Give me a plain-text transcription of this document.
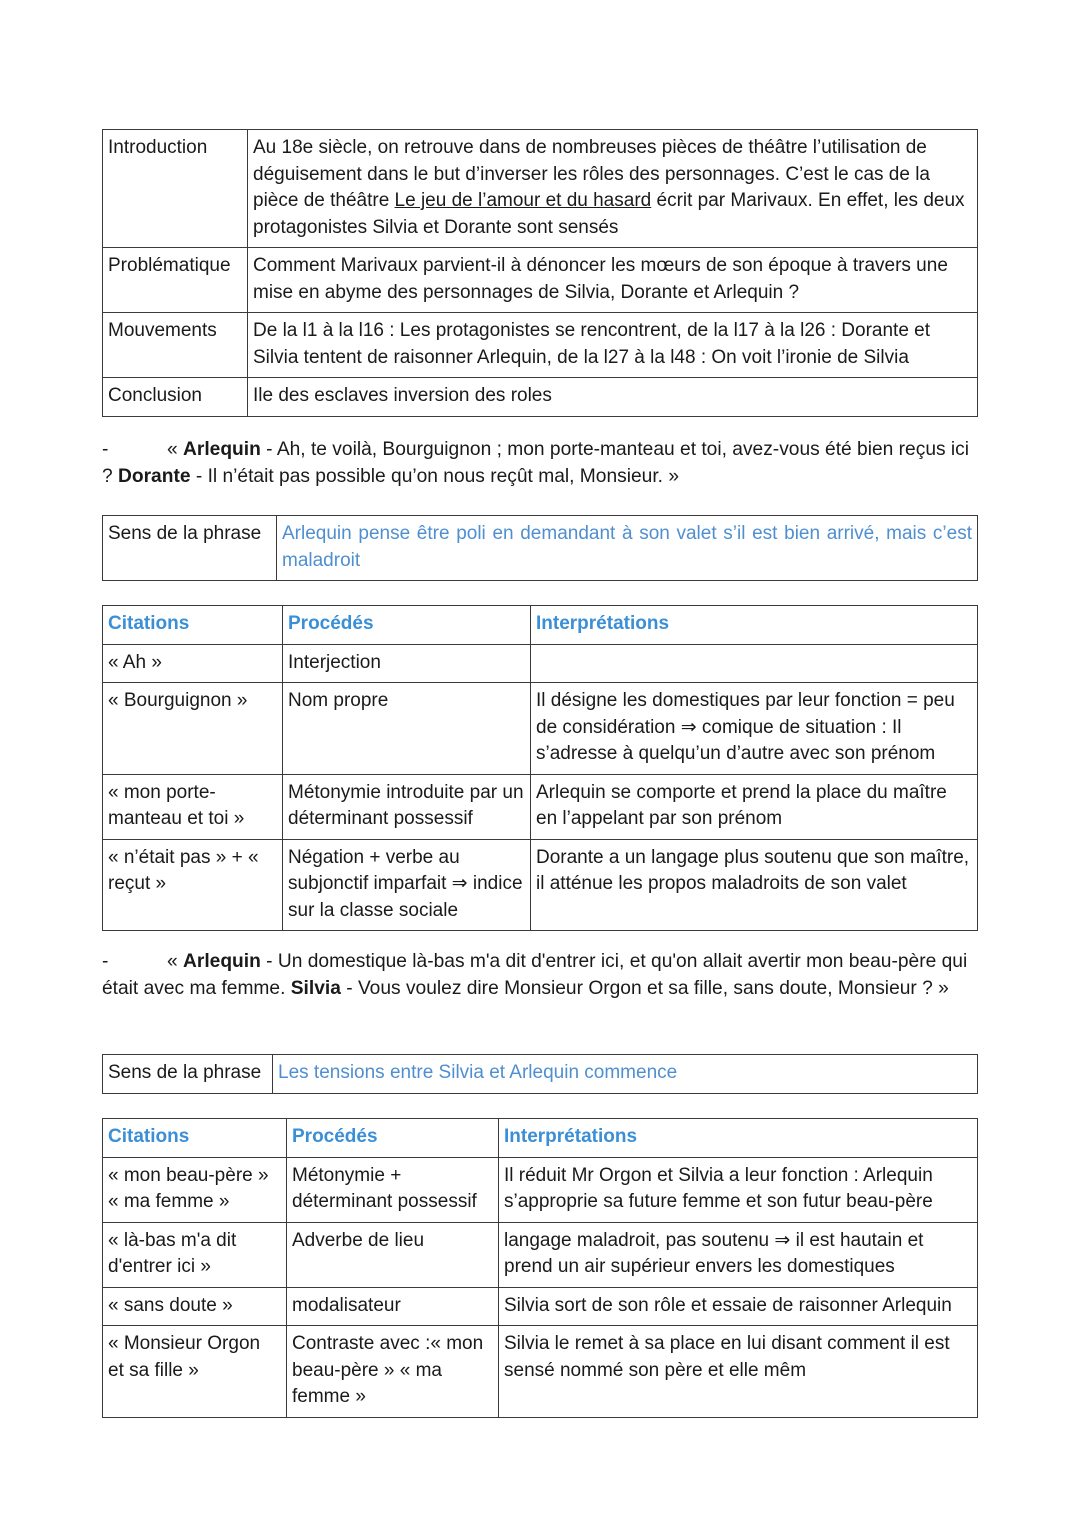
Introduction	Au 18e siècle, on retrouve dans de nombreuses pièces de théâtre l’utilisation de déguisement dans le but d’inverser les rôles des personnages. C’est le cas de la pièce de théâtre Le jeu de l’amour et du hasard écrit par Marivaux. En effet, les deux protagonistes Silvia et Dorante sont sensés
Problématique	Comment Marivaux parvient-il à dénoncer les mœurs de son époque à travers une mise en abyme des personnages de Silvia, Dorante et Arlequin ?
Mouvements	De la l1 à la l16 : Les protagonistes se rencontrent, de la l17 à la l26 : Dorante et Silvia tentent de raisonner Arlequin, de la l27 à la l48 : On voit l’ironie de Silvia
Conclusion	Ile des esclaves inversion des roles
-	« Arlequin - Ah, te voilà, Bourguignon ; mon porte-manteau et toi, avez-vous été bien reçus ici ? Dorante - Il n’était pas possible qu’on nous reçût mal, Monsieur. »
Sens de la phrase	Arlequin pense être poli en demandant à son valet s’il est bien arrivé, mais c’est maladroit
Citations	Procédés	Interprétations
« Ah »	Interjection	
« Bourguignon »	Nom propre	Il désigne les domestiques par leur fonction = peu de considération ⇒ comique de situation : Il s’adresse à quelqu’un d’autre avec son prénom
« mon porte-manteau et toi »	Métonymie introduite par un déterminant possessif	Arlequin se comporte et prend la place du maître en l’appelant par son prénom
« n’était pas » + « reçut »	Négation + verbe au subjonctif imparfait ⇒ indice sur la classe sociale	Dorante a un langage plus soutenu que son maître, il atténue les propos maladroits de son valet
-	« Arlequin - Un domestique là-bas m'a dit d'entrer ici, et qu'on allait avertir mon beau-père qui était avec ma femme. Silvia - Vous voulez dire Monsieur Orgon et sa fille, sans doute, Monsieur ? »
Sens de la phrase	Les tensions entre Silvia et Arlequin commence
Citations	Procédés	Interprétations
« mon beau-père » « ma femme »	Métonymie + déterminant possessif	Il réduit Mr Orgon et Silvia a leur fonction : Arlequin s’approprie sa future femme et son futur beau-père
« là-bas m'a dit d'entrer ici »	Adverbe de lieu	langage maladroit, pas soutenu ⇒ il est hautain et prend un air supérieur envers les domestiques
« sans doute »	modalisateur	Silvia sort de son rôle et essaie de raisonner Arlequin
« Monsieur Orgon et sa fille »	Contraste avec :« mon beau-père » « ma femme »	Silvia le remet à sa place en lui disant comment il est sensé nommé son père et elle mêm
